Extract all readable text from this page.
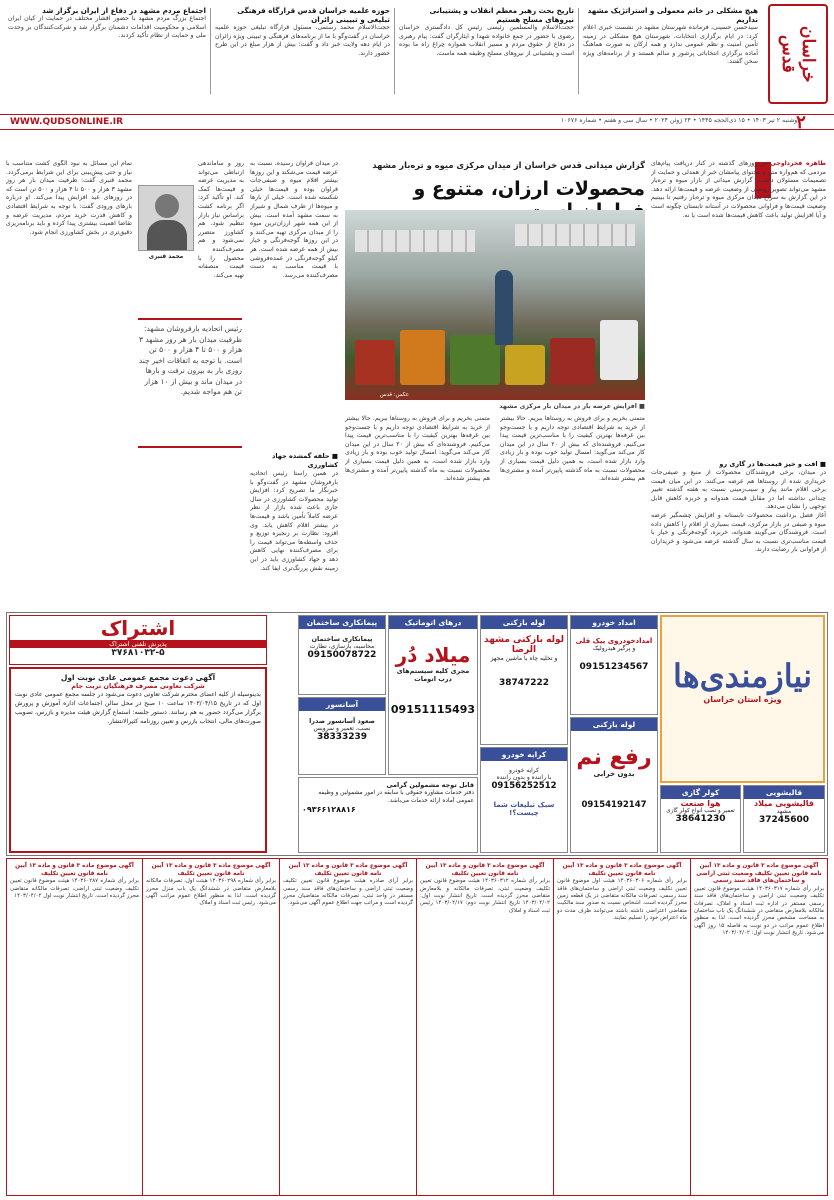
خراسان قدس
هیچ مشکلی در خاتم معمولی و استراتژیک مشهد نداریم
سیدحسن حسینی، فرمانده شهرستان مشهد در نشست خبری اعلام کرد: در ایام برگزاری انتخابات، شهرستان هیچ مشکلی در زمینه تأمین امنیت و نظم عمومی ندارد و همه ارکان به صورت هماهنگ آماده برگزاری انتخاباتی پرشور و سالم هستند و از برنامه‌های ویژه سخن گفتند.
تاریخ بحث رهبر معظم انقلاب و پشتیبانی نیروهای مسلح هستیم
حجت‌الاسلام والمسلمین رئیسی رئیس کل دادگستری خراسان رضوی با حضور در جمع خانواده شهدا و ایثارگران گفت: پیام رهبری در دفاع از حقوق مردم و مسیر انقلاب همواره چراغ راه ما بوده است و پشتیبانی از نیروهای مسلح وظیفه همه ماست.
حوزه علمیه خراسان قدس قرارگاه فرهنگی تبلیغی و تبیینی زائران
حجت‌الاسلام محمد رستمی، مسئول قرارگاه تبلیغی حوزه علمیه خراسان در گفت‌وگو با ما از برنامه‌های فرهنگی و تبیینی ویژه زائران در ایام دهه ولایت خبر داد و گفت: بیش از هزار مبلغ در این طرح حضور دارند.
اجتماع مردم مشهد در دفاع از ایران برگزار شد
اجتماع بزرگ مردم مشهد با حضور اقشار مختلف در حمایت از کیان ایران اسلامی و محکومیت اقدامات دشمنان برگزار شد و شرکت‌کنندگان بر وحدت ملی و حمایت از نظام تأکید کردند.
WWW.QUDSONLINE.IR	دوشنبه ۲ تیر ۱۴۰۳ • ۱۵ ذی‌الحجه ۱۴۴۵ • ۲۴ ژوئن ۲۰۲۴ • سال سی و هفتم • شماره ۱۰۶۷۶
۲
گزارش میدانی قدس خراسان از میدان مرکزی میوه و تره‌بار مشهد
محصولات ارزان، متنوع و
عکس: قدس
■ افزایش عرضه بار در میدان بار مرکزی مشهد
طاهره فخرداوجی در روزهای گذشته در کنار دریافت پیام‌های مردمی که هم‌واره متن و محتوای پیامشان خبر از همدلی و حمایت از تصمیمات مسئولان داشت، گزارش میدانی از بازار میوه و تره‌بار مشهد می‌تواند تصویر روشنی از وضعیت عرضه و قیمت‌ها ارائه دهد. در این گزارش به سراغ میدان مرکزی میوه و تره‌بار رفتیم تا ببینیم وضعیت قیمت‌ها و فراوانی محصولات در آستانه تابستان چگونه است و آیا افزایش تولید باعث کاهش قیمت‌ها شده است یا نه.
■ افت و خیز قیمت‌ها در گاری رو
در میدان، برخی فروشندگان محصولات از منبع و صیفی‌جات خریداری شده از روستاها هم عرضه می‌کنند. در این میان قیمت برخی اقلام مانند پیاز و سیب‌زمینی نسبت به هفته گذشته تغییر چندانی نداشته اما در مقابل قیمت هندوانه و خربزه کاهش قابل توجهی را نشان می‌دهد.
آغاز فصل برداشت محصولات تابستانه و افزایش چشمگیر عرضه میوه و صیفی در بازار مرکزی، قیمت بسیاری از اقلام را کاهش داده است. فروشندگان می‌گویند هندوانه، خربزه، گوجه‌فرنگی و خیار با قیمت مناسب‌تری نسبت به سال گذشته عرضه می‌شود و خریداران از فراوانی بار رضایت دارند.
متمنی بخریم و برای فروش به روستاها ببریم. حالا بیشتر از خرید به شرایط اقتصادی توجه داریم و با جست‌وجو بین غرفه‌ها بهترین کیفیت را با مناسب‌ترین قیمت پیدا می‌کنیم. فروشنده‌ای که بیش از ۲۰ سال در این میدان کار می‌کند می‌گوید: امسال تولید خوب بوده و بار زیادی وارد بازار شده است، به همین دلیل قیمت بسیاری از محصولات نسبت به ماه گذشته پایین‌تر آمده و مشتری‌ها هم بیشتر شده‌اند.
متمنی بخریم و برای فروش به روستاها ببریم. حالا بیشتر از خرید به شرایط اقتصادی توجه داریم و با جست‌وجو بین غرفه‌ها بهترین کیفیت را با مناسب‌ترین قیمت پیدا می‌کنیم. فروشنده‌ای که بیش از ۲۰ سال در این میدان کار می‌کند می‌گوید: امسال تولید خوب بوده و بار زیادی وارد بازار شده است، به همین دلیل قیمت بسیاری از محصولات نسبت به ماه گذشته پایین‌تر آمده و مشتری‌ها هم بیشتر شده‌اند.
در میدان فراوان رسیده، نسبت به عرضه قیمت می‌شکند و این روزها بیشتر اقلام میوه و صیفی‌جات فراوان بوده و قیمت‌ها خیلی شکسته شده است. خیلی از بارها و میوه‌ها از طرف شمال و شیراز به سمت مشهد آمده است. بیش از این همه شهر ارزان‌ترین میوه را از میدان مرکزی تهیه می‌کنند و در این روزها گوجه‌فرنگی و خیار بیش از همه عرضه شده است. هر کیلو گوجه‌فرنگی در عمده‌فروشی با قیمت مناسب به دست مصرف‌کننده می‌رسد.
■ حلقه گمشده جهاد کشاورزی
در همین راستا رئیس اتحادیه بارفروشان مشهد در گفت‌وگو با خبرنگار ما تصریح کرد: افزایش تولید محصولات کشاورزی در سال جاری باعث شده بازار از نظر عرضه کاملاً تأمین باشد و قیمت‌ها در بیشتر اقلام کاهش یابد. وی افزود: نظارت بر زنجیره توزیع و حذف واسطه‌ها می‌تواند قیمت را برای مصرف‌کننده نهایی کاهش دهد و جهاد کشاورزی باید در این زمینه نقش پررنگ‌تری ایفا کند.
محمد قنبری
تمام این مسائل به نبود الگوی کشت متناسب با نیاز و حتی پیش‌بینی برای این شرایط برمی‌گردد. محمد قنبری گفت: ظرفیت میدان بار هر روز مشهد ۳ هزار و ۵۰۰ تا ۴ هزار و ۵۰۰ تن است که در روزهای عید افزایش پیدا می‌کند. او درباره بارهای ورودی گفت: با توجه به شرایط اقتصادی و کاهش قدرت خرید مردم، مدیریت عرضه و تقاضا اهمیت بیشتری پیدا کرده و باید برنامه‌ریزی دقیق‌تری در بخش کشاورزی انجام شود.
روز و ساماندهی ارتباطی می‌تواند به مدیریت عرضه و قیمت‌ها کمک کند. او تأکید کرد: اگر برنامه کشت براساس نیاز بازار تنظیم شود، هم کشاورز متضرر نمی‌شود و هم مصرف‌کننده محصول را با قیمت منصفانه تهیه می‌کند.
رئیس اتحادیه بارفروشان مشهد: ظرفیت میدان بار هر روز مشهد ۳ هزار و ۵۰۰ تا ۴ هزار و ۵۰۰ تن است. با توجه به اتفاقات اخیر چند روزی بار به بیرون نرفت و بارها در میدان ماند و بیش از ۱۰ هزار تن هم مواجه شدیم.
نیازمندی‌ها
ویژه استان خراسان
قالیشویی
قالیشویی میلاد
مشهد
37245600
کولر گازی
هوا صنعت
تعمیر و نصب انواع کولر گازی
38641230
امداد خودرو
امدادخودروی پیک قلی
و پرگیر هیدرولیک
09151234567
لوله بازکنی
رفع نم
بدون خرابی
09154192147
لوله بازکنی
لوله بازکنی مشهد الرضا
و تخلیه چاه با ماشین مجهز
38747222
کرایه خودرو
کرایه خودرو
با راننده و بدون راننده
09156252512
سبک تبلیغات شما
چیست؟!
درهای اتوماتیک
میلاد دُر
مجری کلیه سیستم‌های درب اتومات
09151115493
پیمانکاری ساختمان
پیمانکاری ساختمان
محاسبه، بازسازی، نظارت
09150078722
آسانسور
صعود آسانسور صدرا
نصب، تعمیر و سرویس
38333239
قابل توجه مشمولین گرامی
دفتر خدمات مشاوره حقوقی با سابقه در امور مشمولین و وظیفه عمومی آماده ارائه خدمات می‌باشد.
۰۹۳۶۶۱۲۸۸۱۶
اشتراک
پذیرش تلفنی اشتراک
۳۷۶۸۱۰۳۲-۵
آگهی دعوت مجمع عمومی عادی نوبت اول
شرکت تعاونی مصرف فرهنگیان تربت جام
بدینوسیله از کلیه اعضای محترم شرکت تعاونی دعوت می‌شود در جلسه مجمع عمومی عادی نوبت اول که در تاریخ ۱۴۰۳/۰۴/۱۵ ساعت ۱۰ صبح در محل سالن اجتماعات اداره آموزش و پرورش برگزار می‌گردد حضور به هم رسانند. دستور جلسه: استماع گزارش هیئت مدیره و بازرس، تصویب صورت‌های مالی، انتخاب بازرس و تعیین روزنامه کثیرالانتشار.
آگهی موضوع ماده ۳ قانون و ماده ۱۳ آیین نامه قانون تعیین تکلیف وضعیت ثبتی اراضی و ساختمان‌های فاقد سند رسمی
برابر رأی شماره ۱۴۰۳۶۰۳۱۷ هیئت موضوع قانون تعیین تکلیف وضعیت ثبتی اراضی و ساختمان‌های فاقد سند رسمی مستقر در اداره ثبت اسناد و املاک، تصرفات مالکانه بلامعارض متقاضی در ششدانگ یک باب ساختمان به مساحت مشخص محرز گردیده است. لذا به منظور اطلاع عموم مراتب در دو نوبت به فاصله ۱۵ روز آگهی می‌شود. تاریخ انتشار نوبت اول: ۱۴۰۳/۰۴/۰۲
آگهی موضوع ماده ۳ قانون و ماده ۱۳ آیین نامه قانون تعیین تکلیف
برابر رأی شماره ۱۴۰۳۶۰۳۰۶ هیئت اول موضوع قانون تعیین تکلیف وضعیت ثبتی اراضی و ساختمان‌های فاقد سند رسمی، تصرفات مالکانه متقاضی در یک قطعه زمین محرز گردیده است. اشخاص نسبت به صدور سند مالکیت متقاضی اعتراضی داشته باشند می‌توانند ظرف مدت دو ماه اعتراض خود را تسلیم نمایند.
آگهی موضوع ماده ۳ قانون و ماده ۱۳ آیین نامه قانون تعیین تکلیف
برابر رأی شماره ۱۴۰۳۶۰۳۱۲ هیئت موضوع قانون تعیین تکلیف وضعیت ثبتی، تصرفات مالکانه و بلامعارض متقاضی محرز گردیده است. تاریخ انتشار نوبت اول: ۱۴۰۳/۰۴/۰۲ تاریخ انتشار نوبت دوم: ۱۴۰۳/۰۴/۱۷ رئیس ثبت اسناد و املاک
آگهی موضوع ماده ۳ قانون و ماده ۱۳ آیین نامه قانون تعیین تکلیف
برابر آرای صادره هیئت موضوع قانون تعیین تکلیف وضعیت ثبتی اراضی و ساختمان‌های فاقد سند رسمی مستقر در واحد ثبتی، تصرفات مالکانه متقاضیان محرز گردیده است و مراتب جهت اطلاع عموم آگهی می‌شود.
آگهی موضوع ماده ۳ قانون و ماده ۱۳ آیین نامه قانون تعیین تکلیف
برابر رأی شماره ۱۴۰۳۶۰۲۹۸ هیئت اول، تصرفات مالکانه بلامعارض متقاضی در ششدانگ یک باب منزل محرز گردیده است. لذا به منظور اطلاع عموم مراتب آگهی می‌شود. رئیس ثبت اسناد و املاک
آگهی موضوع ماده ۳ قانون و ماده ۱۳ آیین نامه قانون تعیین تکلیف
برابر رأی شماره ۱۴۰۳۶۰۲۸۷ هیئت موضوع قانون تعیین تکلیف وضعیت ثبتی اراضی، تصرفات مالکانه متقاضی محرز گردیده است. تاریخ انتشار نوبت اول ۱۴۰۳/۰۴/۰۲
